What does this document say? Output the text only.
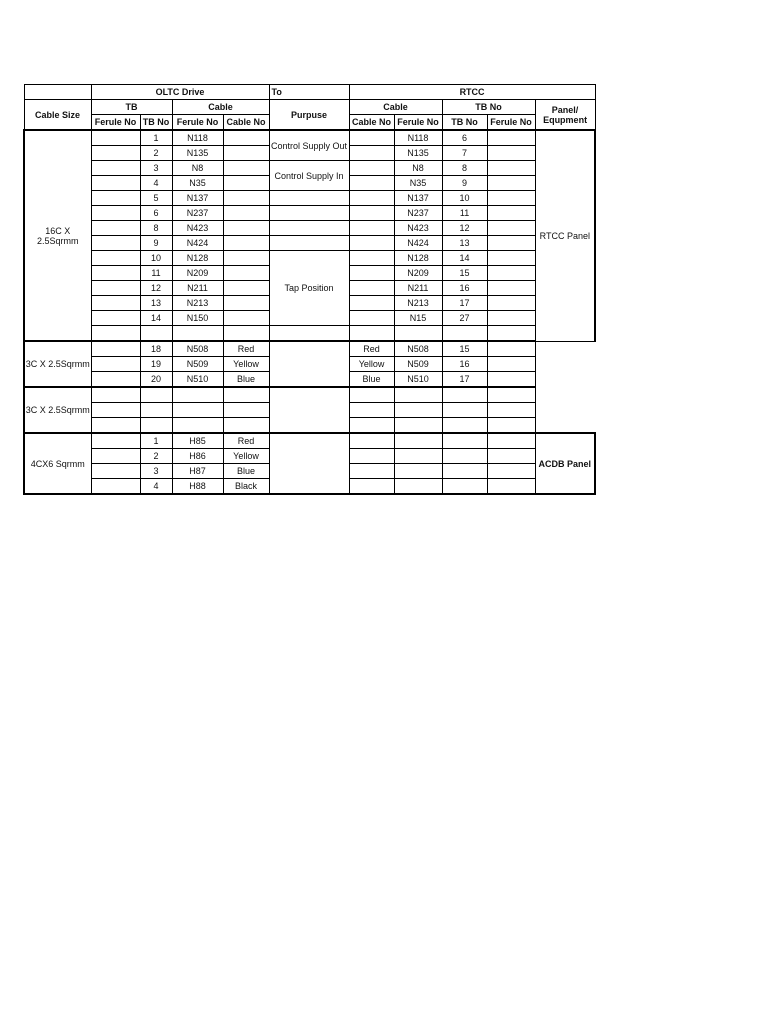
	OLTC Drive				To	RTCC				
Cable Size	TB		Cable		Purpuse	Cable		TB No		Panel/ Equpment
	Ferule No	TB No	Ferule No	Cable No		Cable No	Ferule No	TB No	Ferule No	
16C X 2.5Sqrmm		1	N118		Control Supply Out		N118	6		RTCC Panel
		2	N135				N135	7		
		3	N8		Control Supply In		N8	8		
		4	N35				N35	9		
		5	N137				N137	10		
		6	N237				N237	11		
		8	N423				N423	12		
		9	N424				N424	13		
		10	N128		Tap Position		N128	14		
		11	N209				N209	15		
		12	N211				N211	16		
		13	N213				N213	17		
		14	N150				N15	27		

3C X 2.5Sqrmm		18	N508	Red		Red	N508	15		
		19	N509	Yellow		Yellow	N509	16		
		20	N510	Blue		Blue	N510	17		
3C X 2.5Sqrmm										

4CX6 Sqrmm		1	H85	Red						ACDB Panel
		2	H86	Yellow						
		3	H87	Blue						
		4	H88	Black						
